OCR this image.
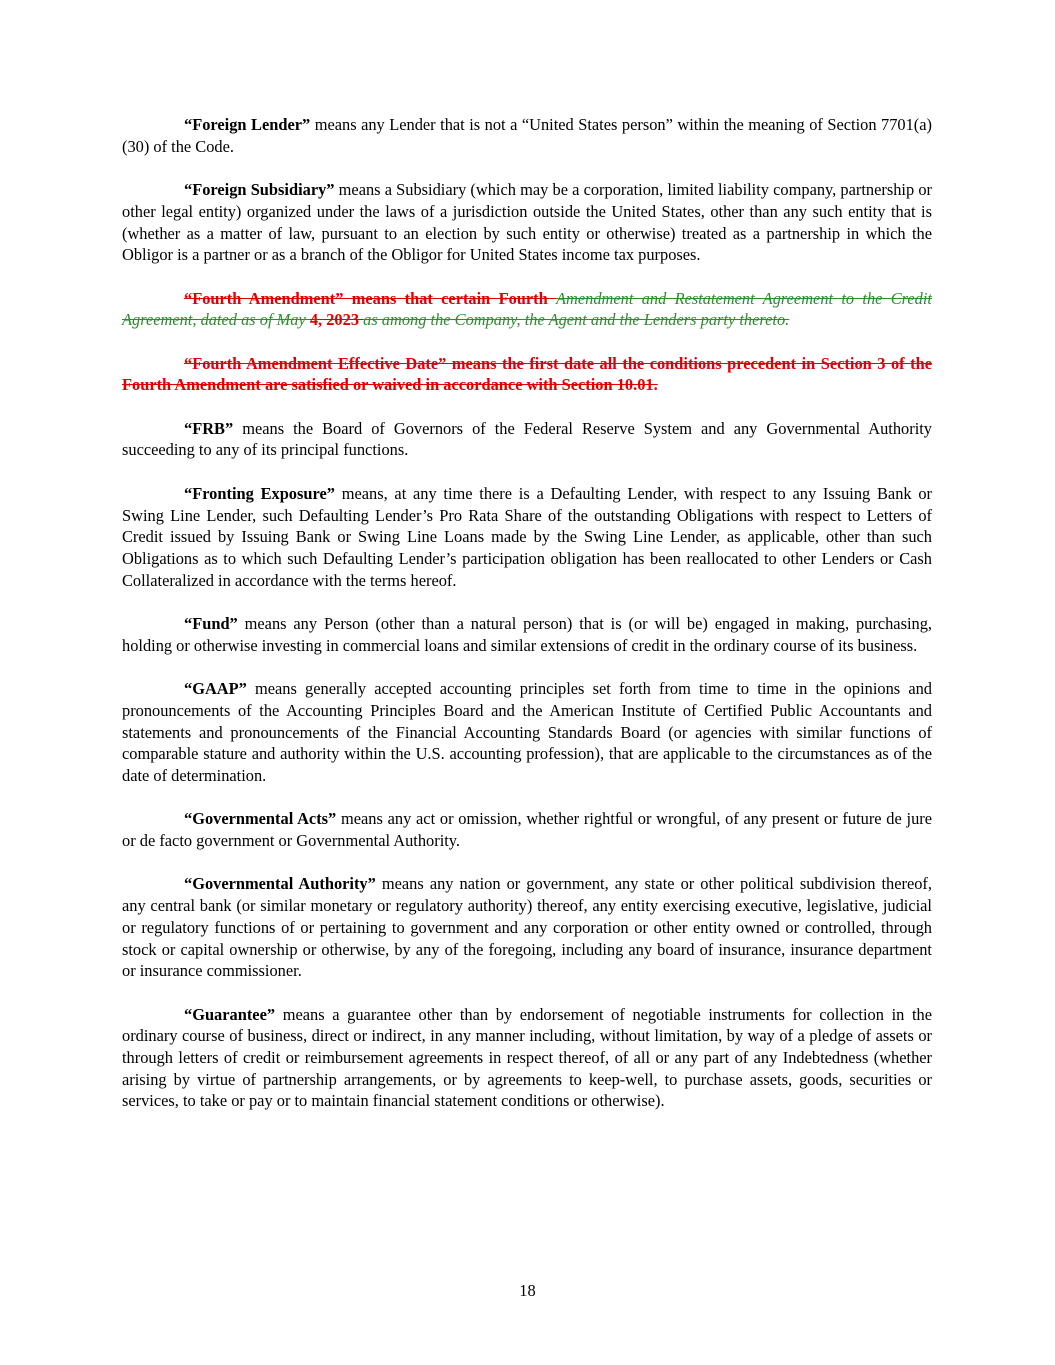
“Foreign Lender” means any Lender that is not a “United States person” within the meaning of Section 7701(a)(30) of the Code.

“Foreign Subsidiary” means a Subsidiary (which may be a corporation, limited liability company, partnership or other legal entity) organized under the laws of a jurisdiction outside the United States, other than any such entity that is (whether as a matter of law, pursuant to an election by such entity or otherwise) treated as a partnership in which the Obligor is a partner or as a branch of the Obligor for United States income tax purposes.

“Fourth Amendment” means that certain Fourth Amendment and Restatement Agreement to the Credit Agreement, dated as of May 4, 2023 as among the Company, the Agent and the Lenders party thereto.

“Fourth Amendment Effective Date” means the first date all the conditions precedent in Section 3 of the Fourth Amendment are satisfied or waived in accordance with Section 10.01.

“FRB” means the Board of Governors of the Federal Reserve System and any Governmental Authority succeeding to any of its principal functions.

“Fronting Exposure” means, at any time there is a Defaulting Lender, with respect to any Issuing Bank or Swing Line Lender, such Defaulting Lender’s Pro Rata Share of the outstanding Obligations with respect to Letters of Credit issued by Issuing Bank or Swing Line Loans made by the Swing Line Lender, as applicable, other than such Obligations as to which such Defaulting Lender’s participation obligation has been reallocated to other Lenders or Cash Collateralized in accordance with the terms hereof.

“Fund” means any Person (other than a natural person) that is (or will be) engaged in making, purchasing, holding or otherwise investing in commercial loans and similar extensions of credit in the ordinary course of its business.

“GAAP” means generally accepted accounting principles set forth from time to time in the opinions and pronouncements of the Accounting Principles Board and the American Institute of Certified Public Accountants and statements and pronouncements of the Financial Accounting Standards Board (or agencies with similar functions of comparable stature and authority within the U.S. accounting profession), that are applicable to the circumstances as of the date of determination.

“Governmental Acts” means any act or omission, whether rightful or wrongful, of any present or future de jure or de facto government or Governmental Authority.

“Governmental Authority” means any nation or government, any state or other political subdivision thereof, any central bank (or similar monetary or regulatory authority) thereof, any entity exercising executive, legislative, judicial or regulatory functions of or pertaining to government and any corporation or other entity owned or controlled, through stock or capital ownership or otherwise, by any of the foregoing, including any board of insurance, insurance department or insurance commissioner.

“Guarantee” means a guarantee other than by endorsement of negotiable instruments for collection in the ordinary course of business, direct or indirect, in any manner including, without limitation, by way of a pledge of assets or through letters of credit or reimbursement agreements in respect thereof, of all or any part of any Indebtedness (whether arising by virtue of partnership arrangements, or by agreements to keep-well, to purchase assets, goods, securities or services, to take or pay or to maintain financial statement conditions or otherwise).

18
